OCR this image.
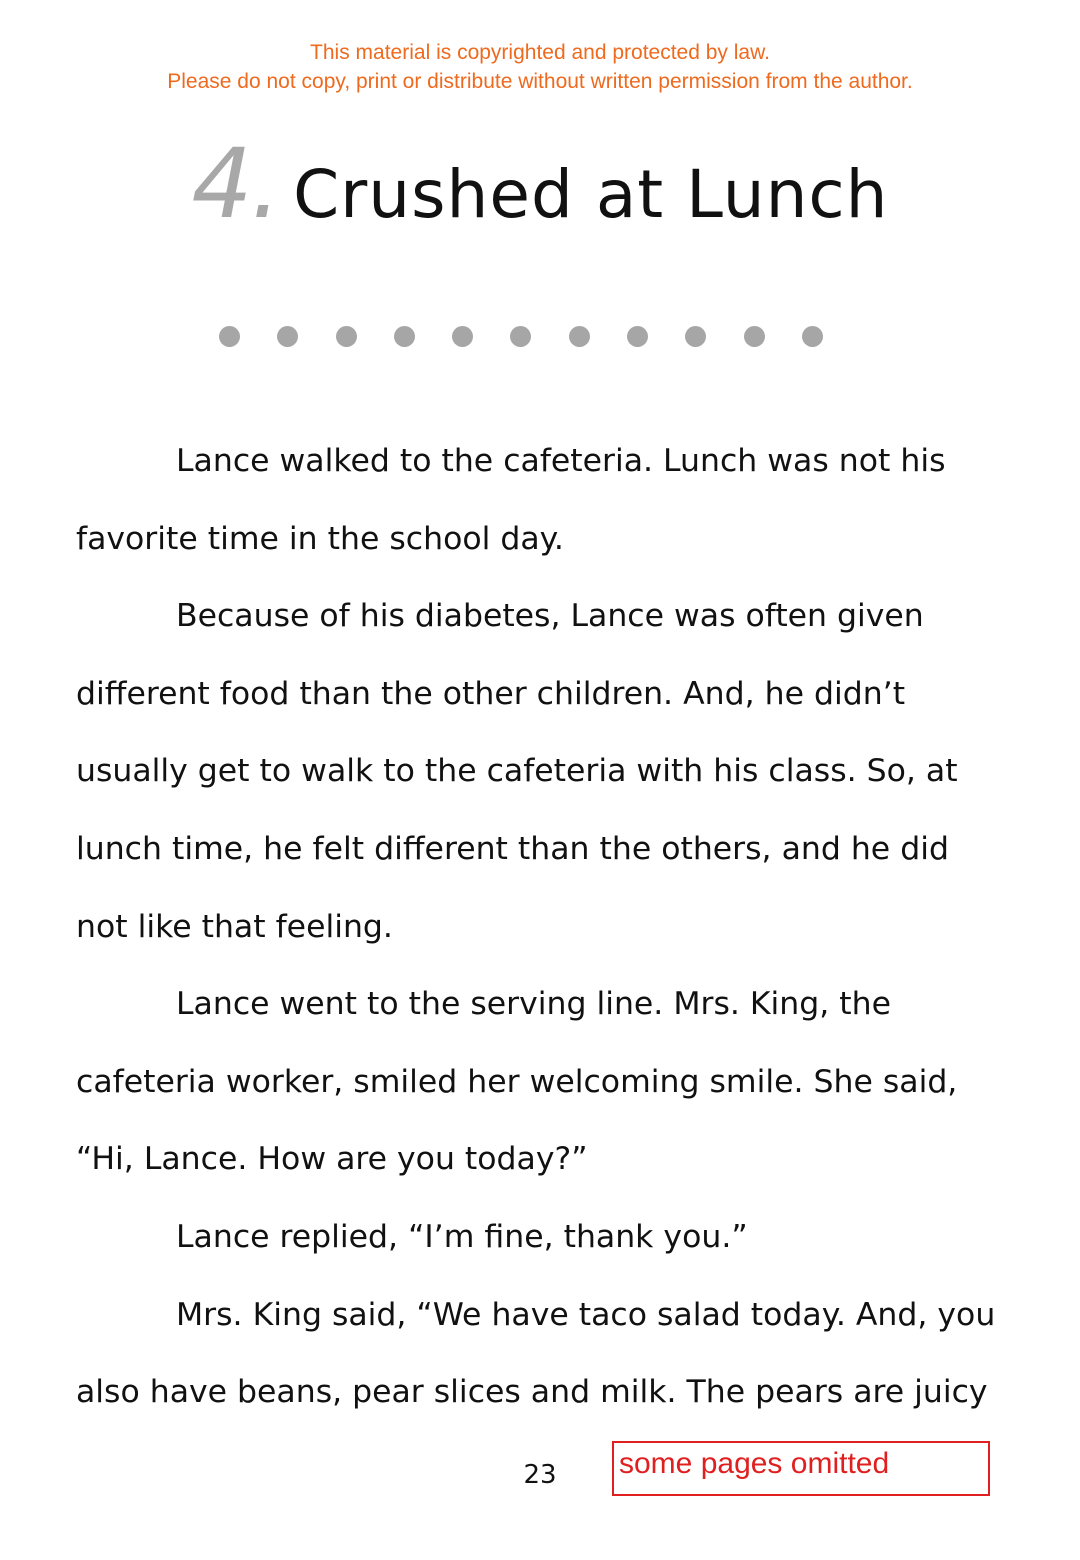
This material is copyrighted and protected by law.
Please do not copy, print or distribute without written permission from the author.
4. Crushed at Lunch
Lance walked to the cafeteria. Lunch was not his
favorite time in the school day.
Because of his diabetes, Lance was often given
different food than the other children. And, he didn’t
usually get to walk to the cafeteria with his class. So, at
lunch time, he felt different than the others, and he did
not like that feeling.
Lance went to the serving line. Mrs. King, the
cafeteria worker, smiled her welcoming smile. She said,
“Hi, Lance. How are you today?”
Lance replied, “I’m fine, thank you.”
Mrs. King said, “We have taco salad today. And, you
also have beans, pear slices and milk. The pears are juicy
23	some pages omitted
